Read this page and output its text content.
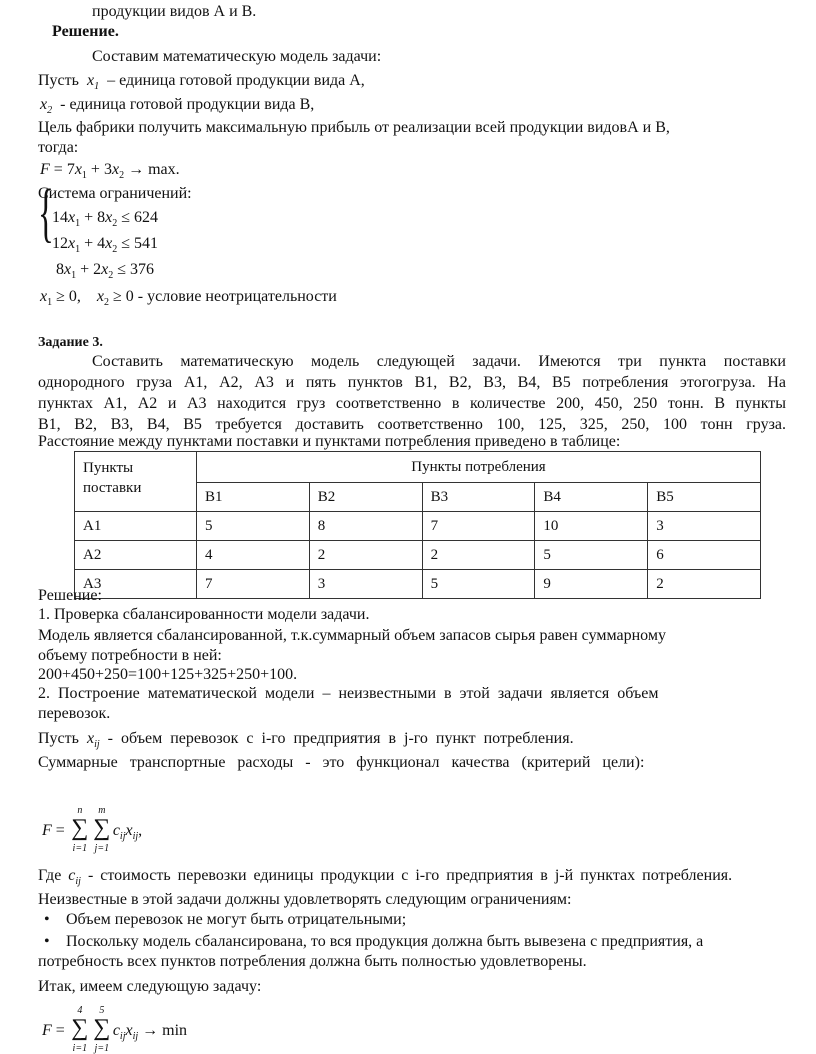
продукции видов А и В.
Решение.
Составим математическую модель задачи:
Пусть $x_1$ – единица готовой продукции вида А,
$x_2$ - единица готовой продукции вида В,
Цель фабрики получить максимальную прибыль от реализации всей продукции видовА и В,
тогда:
$F = 7x_1 + 3x_2 \to \max$.
Система ограничений:
{
$14x_1 + 8x_2 \le 624$
$12x_1 + 4x_2 \le 541$
$8x_1 + 2x_2 \le 376$
$x_1 \ge 0$,    $x_2 \ge 0$ - условие неотрицательности
Задание 3.
Составить математическую модель следующей задачи. Имеются три пункта поставки
однородного груза А1, А2, А3 и пять пунктов В1, В2, В3, В4, В5 потребления этогогруза. На
пунктах А1, А2 и А3 находится груз соответственно в количестве 200, 450, 250 тонн. В пункты
В1, В2, В3, В4, В5 требуется доставить соответственно 100, 125, 325, 250, 100 тонн груза.
Расстояние между пунктами поставки и пунктами потребления приведено в таблице:
Пункты
поставки	Пункты потребления				
	В1	В2	В3	В4	В5
А1	5	8	7	10	3
А2	4	2	2	5	6
А3	7	3	5	9	2
Решение:
1. Проверка сбалансированности модели задачи.
Модель является сбалансированной, т.к.суммарный объем запасов сырья равен суммарному
объему потребности в ней:
200+450+250=100+125+325+250+100.
2. Построение математической модели – неизвестными в этой задачи является объем
перевозок.
Пусть $x_{ij}$ - объем перевозок с i-го предприятия в j-го пункт потребления.
Суммарные транспортные расходы - это функционал качества (критерий цели):
F = ∑
n
i=1
∑
m
j=1
$c_{ij}x_{ij}$,
Где $c_{ij}$ - стоимость перевозки единицы продукции с i-го предприятия в j-й пунктах потребления.
Неизвестные в этой задачи должны удовлетворять следующим ограничениям:
• Объем перевозок не могут быть отрицательными;
• Поскольку модель сбалансирована, то вся продукция должна быть вывезена с предприятия, а
потребность всех пунктов потребления должна быть полностью удовлетворены.
Итак, имеем следующую задачу:
F = ∑
4
i=1
∑
5
j=1
$c_{ij}x_{ij} \to \min$
